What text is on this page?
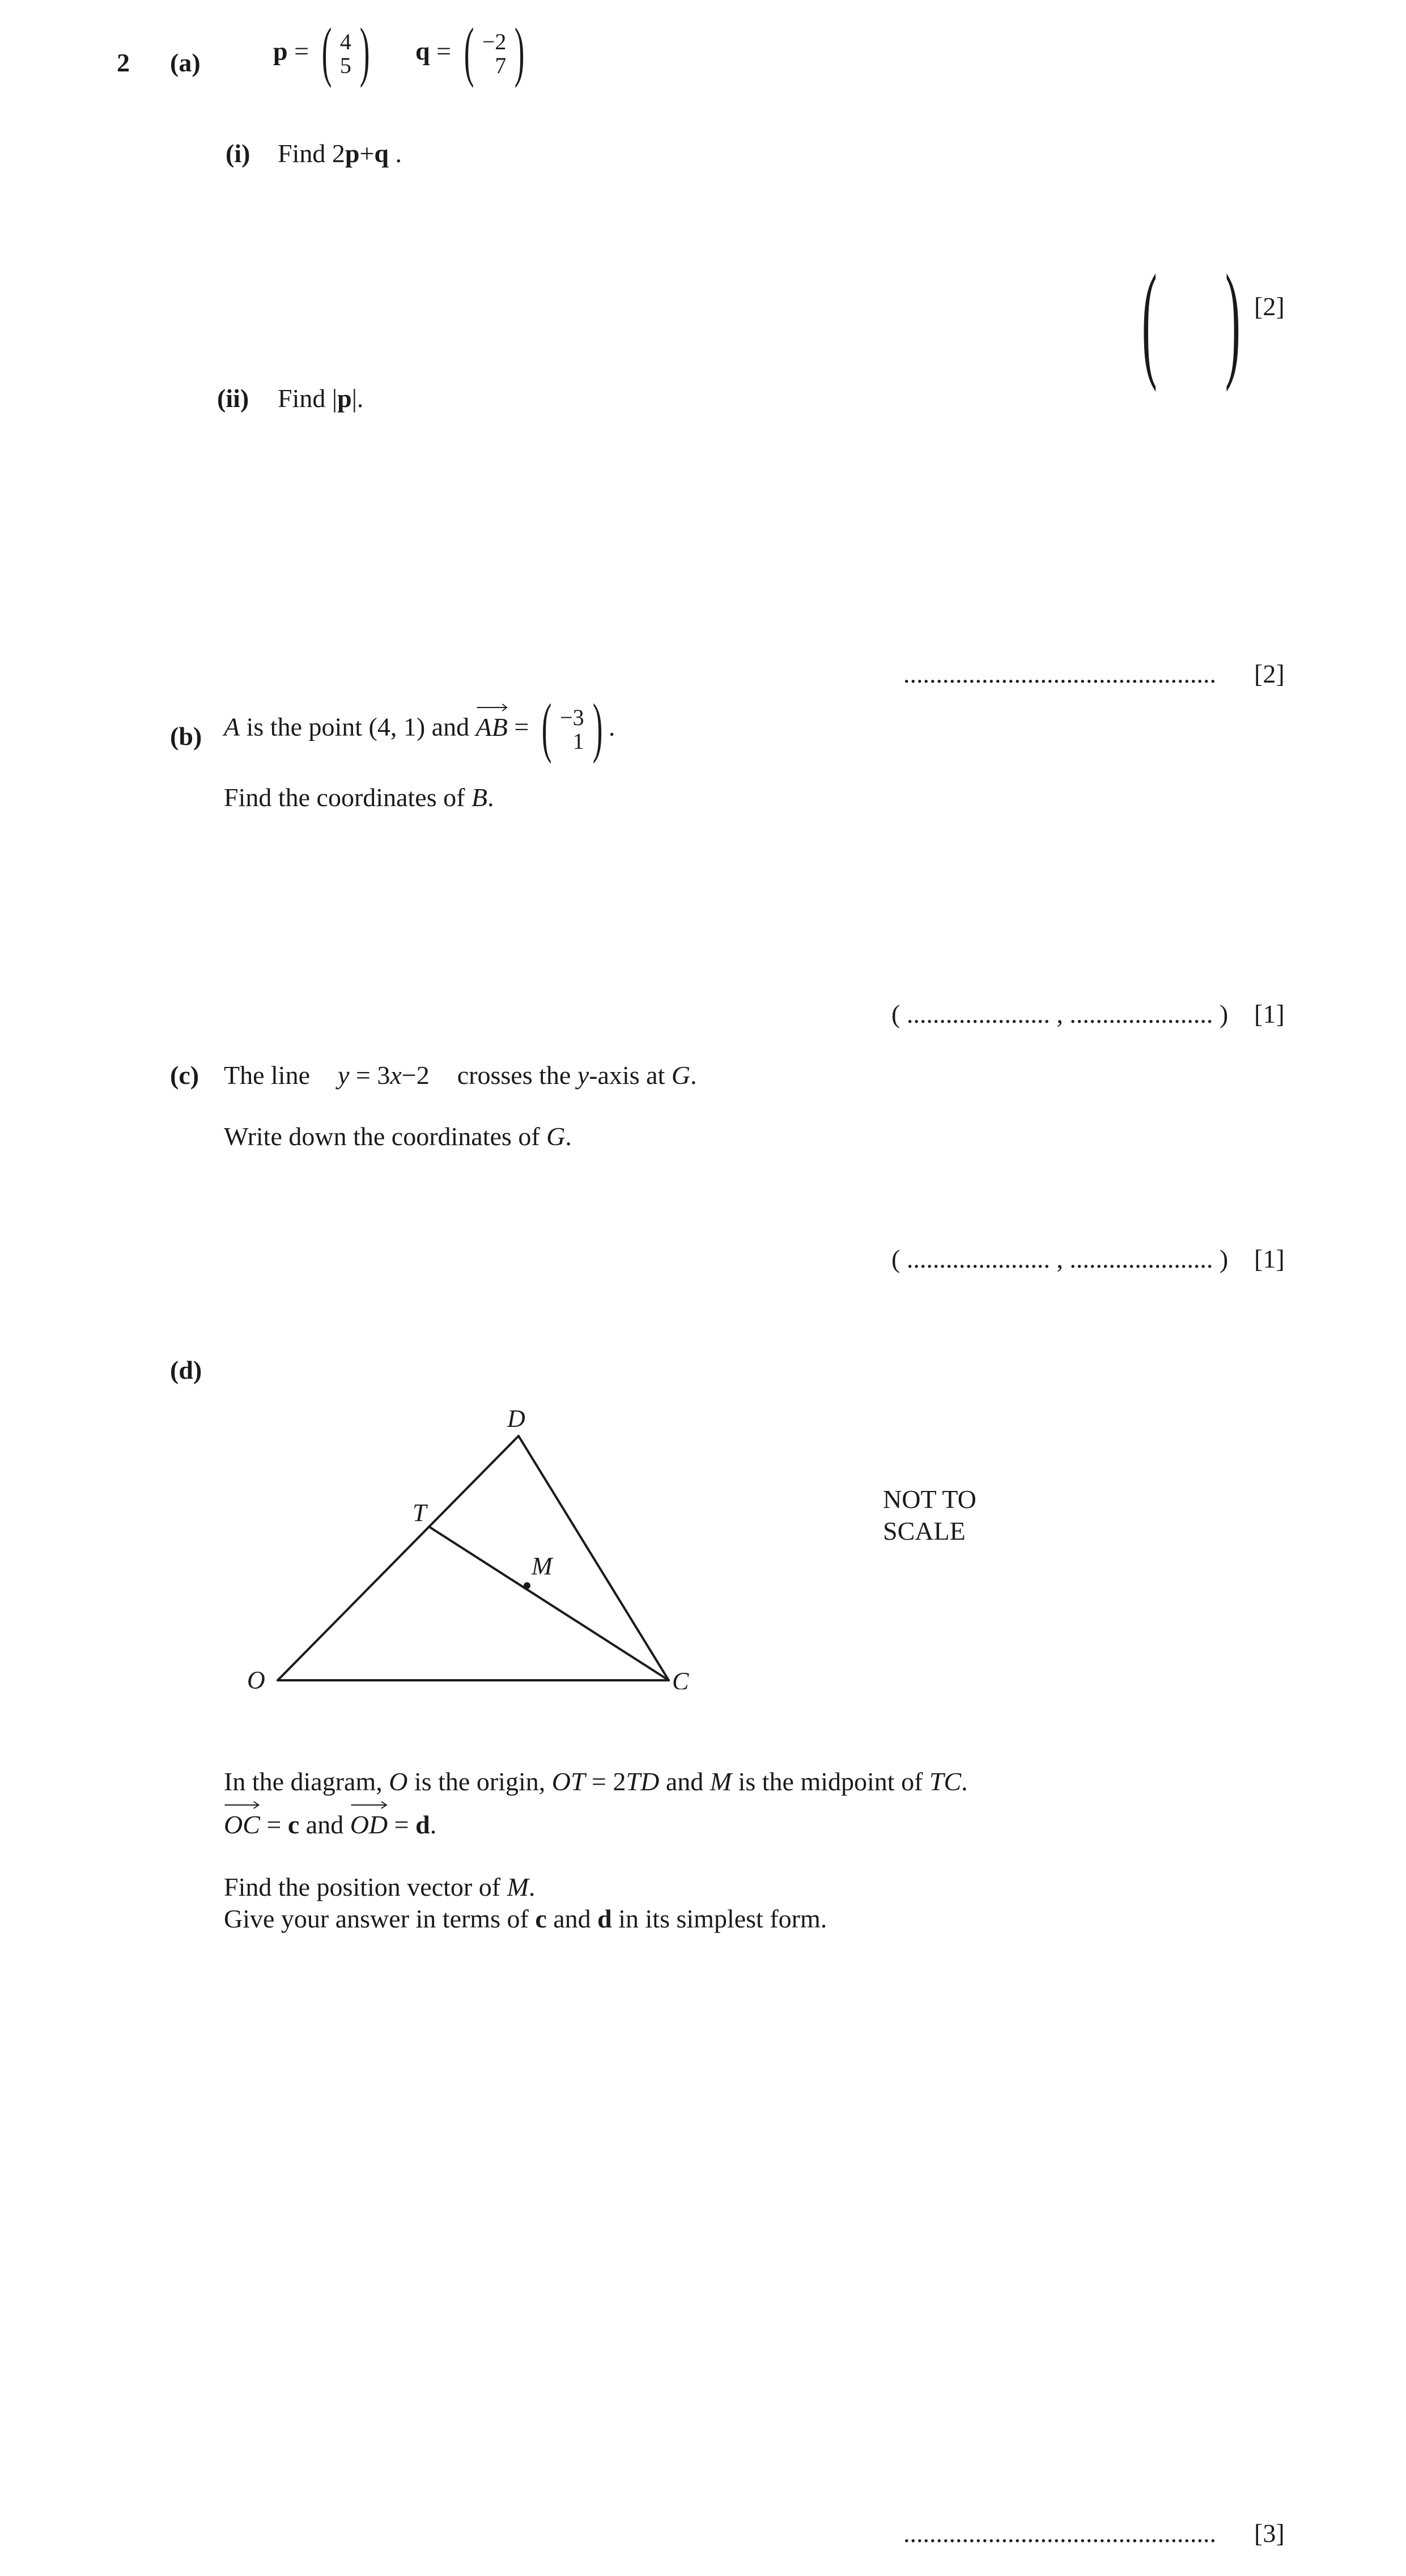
2 (a)	p = ( 4
5 ) q = ( −2
7 )
(i) Find 2p+q .
( ) [2]
(ii) Find |p|.
................................................ [2]
(b) A is the point (4, 1) and AB = ( −3
1 ) .
Find the coordinates of B.
( ...................... , ...................... ) [1]
(c) The line y = 3x−2 crosses the y-axis at G.
Write down the coordinates of G.
( ...................... , ...................... ) [1]
(d)
O	C
D
T
M
NOT TO
SCALE
In the diagram, O is the origin, OT = 2TD and M is the midpoint of TC.
OC = c and
OD = d.
Find the position vector of M.
Give your answer in terms of c and d in its simplest form.
................................................ [3]
